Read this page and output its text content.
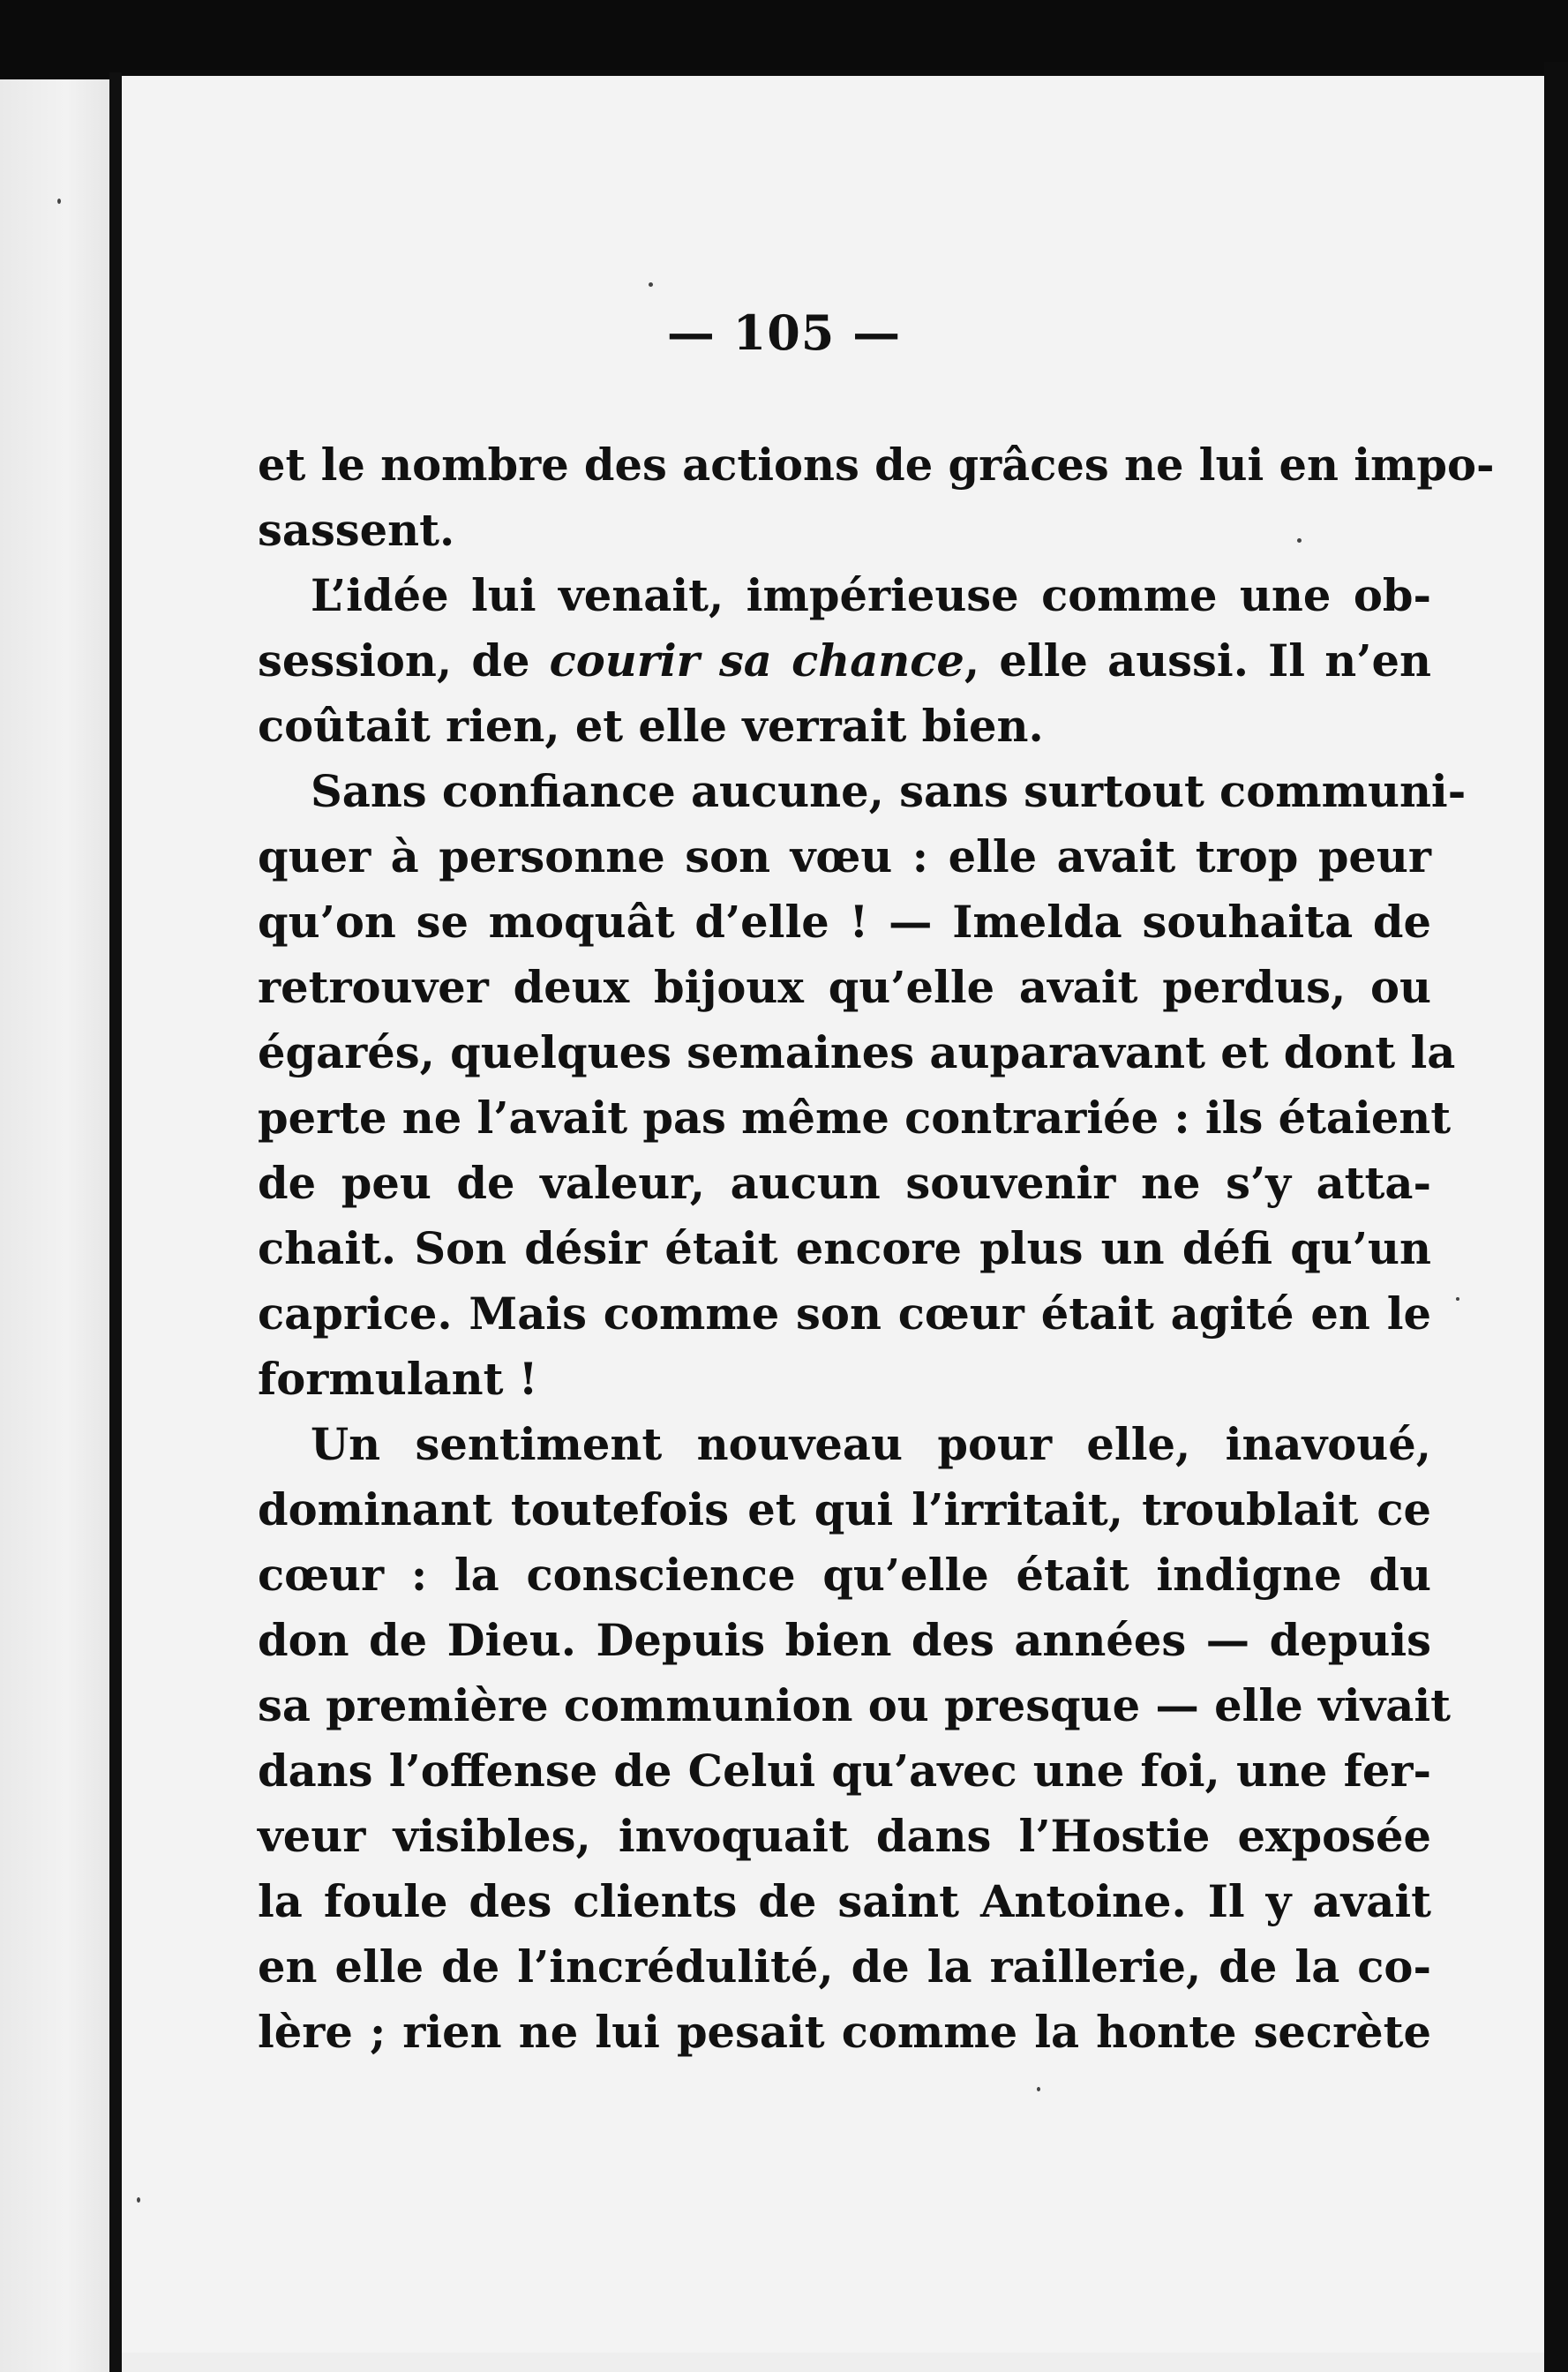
— 105 —
et le nombre des actions de grâces ne lui en impo-
sassent.
L’idée lui venait, impérieuse comme une ob-
session, de courir sa chance, elle aussi. Il n’en
coûtait rien, et elle verrait bien.
Sans confiance aucune, sans surtout communi-
quer à personne son vœu : elle avait trop peur
qu’on se moquât d’elle ! — Imelda souhaita de
retrouver deux bijoux qu’elle avait perdus, ou
égarés, quelques semaines auparavant et dont la
perte ne l’avait pas même contrariée : ils étaient
de peu de valeur, aucun souvenir ne s’y atta-
chait. Son désir était encore plus un défi qu’un
caprice. Mais comme son cœur était agité en le
formulant !
Un sentiment nouveau pour elle, inavoué,
dominant toutefois et qui l’irritait, troublait ce
cœur : la conscience qu’elle était indigne du
don de Dieu. Depuis bien des années — depuis
sa première communion ou presque — elle vivait
dans l’offense de Celui qu’avec une foi, une fer-
veur visibles, invoquait dans l’Hostie exposée
la foule des clients de saint Antoine. Il y avait
en elle de l’incrédulité, de la raillerie, de la co-
lère ; rien ne lui pesait comme la honte secrète
